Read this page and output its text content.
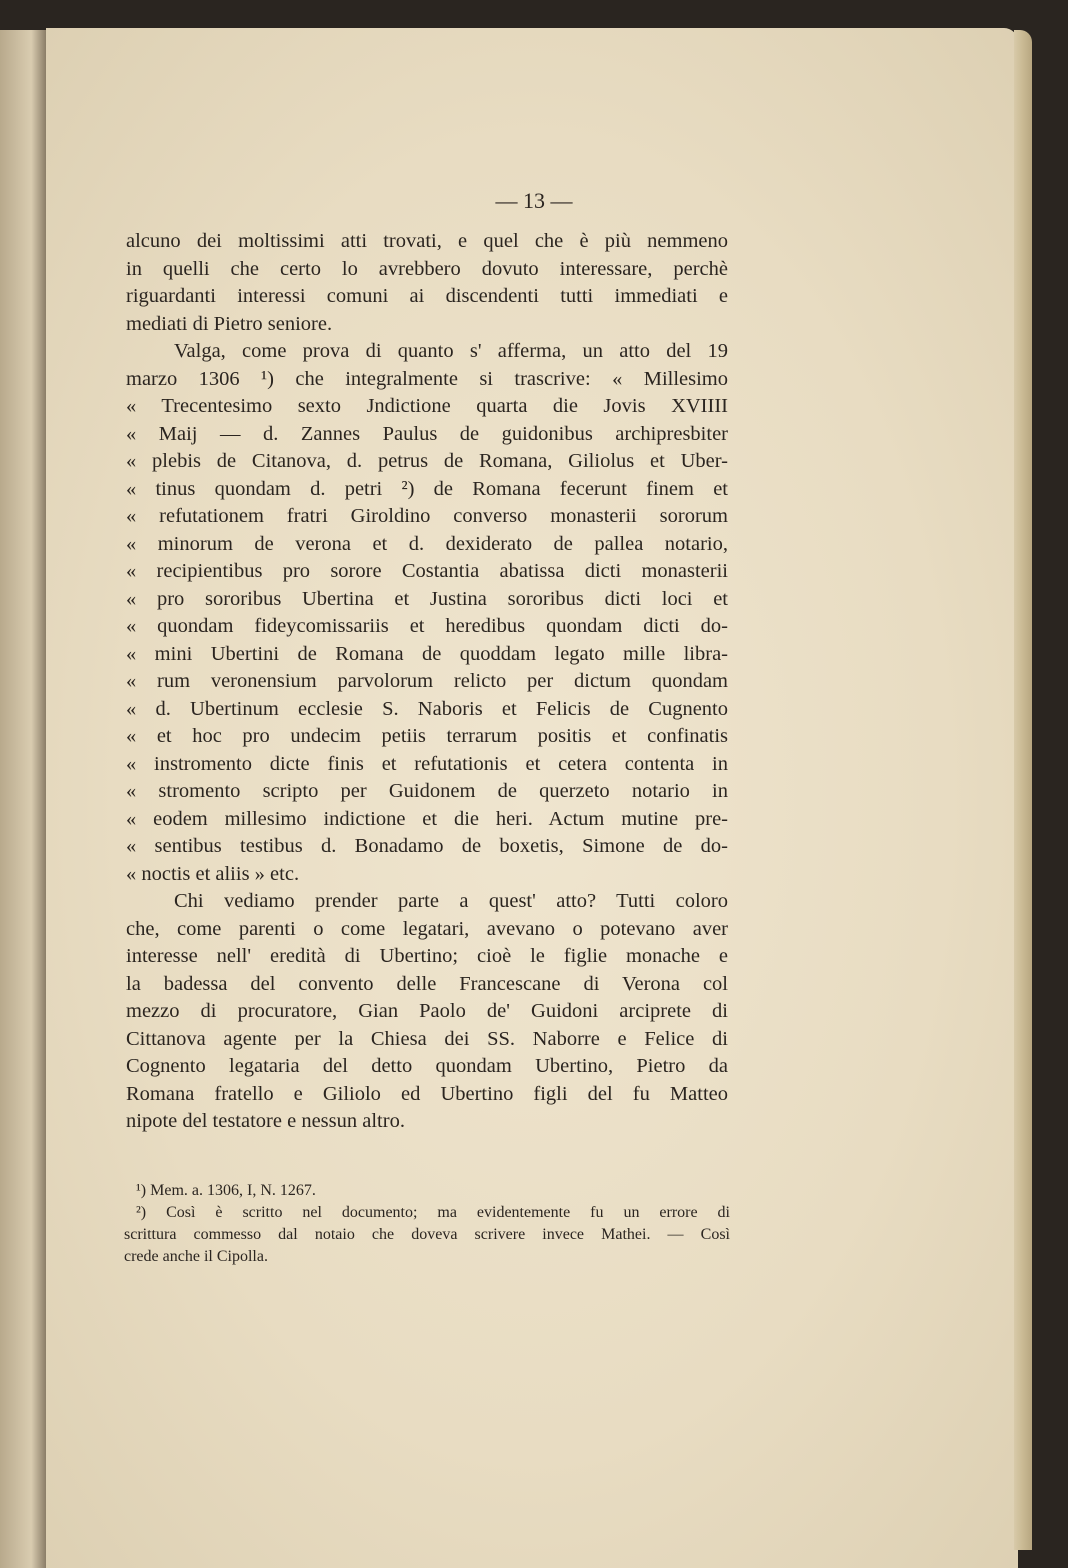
— 13 —
alcuno dei moltissimi atti trovati, e quel che è più nemmeno
in quelli che certo lo avrebbero dovuto interessare, perchè
riguardanti interessi comuni ai discendenti tutti immediati e
mediati di Pietro seniore.
Valga, come prova di quanto s' afferma, un atto del 19
marzo 1306 ¹) che integralmente si trascrive: « Millesimo
« Trecentesimo sexto Jndictione quarta die Jovis XVIIII
« Maij — d. Zannes Paulus de guidonibus archipresbiter
« plebis de Citanova, d. petrus de Romana, Giliolus et Uber-
« tinus quondam d. petri ²) de Romana fecerunt finem et
« refutationem fratri Giroldino converso monasterii sororum
« minorum de verona et d. dexiderato de pallea notario,
« recipientibus pro sorore Costantia abatissa dicti monasterii
« pro sororibus Ubertina et Justina sororibus dicti loci et
« quondam fideycomissariis et heredibus quondam dicti do-
« mini Ubertini de Romana de quoddam legato mille libra-
« rum veronensium parvolorum relicto per dictum quondam
« d. Ubertinum ecclesie S. Naboris et Felicis de Cugnento
« et hoc pro undecim petiis terrarum positis et confinatis
« instromento dicte finis et refutationis et cetera contenta in
« stromento scripto per Guidonem de querzeto notario in
« eodem millesimo indictione et die heri. Actum mutine pre-
« sentibus testibus d. Bonadamo de boxetis, Simone de do-
« noctis et aliis » etc.
Chi vediamo prender parte a quest' atto? Tutti coloro
che, come parenti o come legatari, avevano o potevano aver
interesse nell' eredità di Ubertino; cioè le figlie monache e
la badessa del convento delle Francescane di Verona col
mezzo di procuratore, Gian Paolo de' Guidoni arciprete di
Cittanova agente per la Chiesa dei SS. Naborre e Felice di
Cognento legataria del detto quondam Ubertino, Pietro da
Romana fratello e Giliolo ed Ubertino figli del fu Matteo
nipote del testatore e nessun altro.
¹) Mem. a. 1306, I, N. 1267.
²) Così è scritto nel documento; ma evidentemente fu un errore di
scrittura commesso dal notaio che doveva scrivere invece Mathei. — Così
crede anche il Cipolla.
